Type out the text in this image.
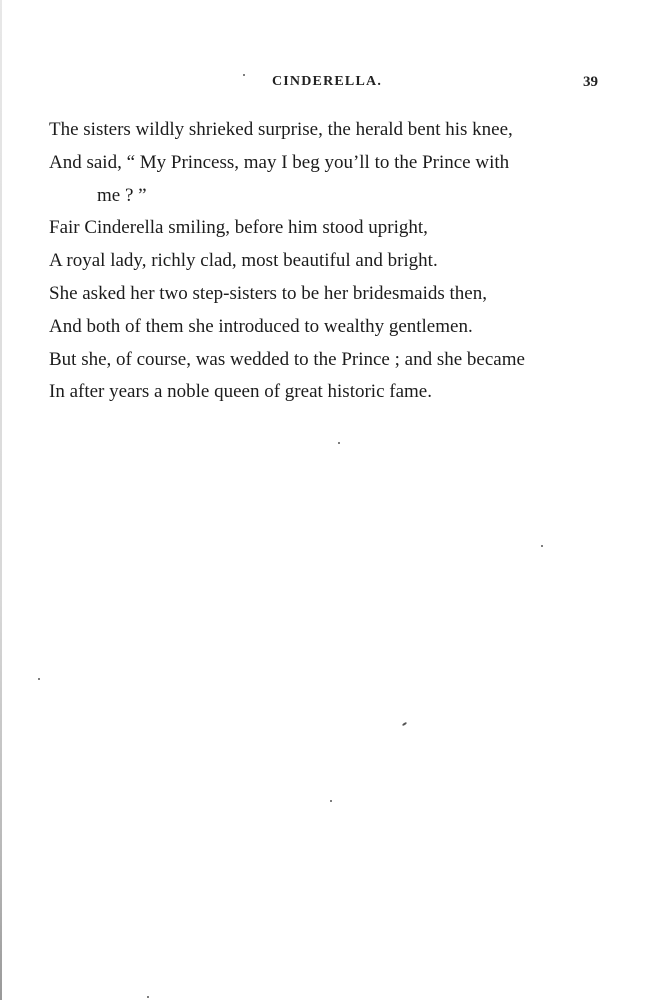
CINDERELLA.	39
The sisters wildly shrieked surprise, the herald bent his knee,
And said, “ My Princess, may I beg you’ll to the Prince with
me ? ”
Fair Cinderella smiling, before him stood upright,
A royal lady, richly clad, most beautiful and bright.
She asked her two step-sisters to be her bridesmaids then,
And both of them she introduced to wealthy gentlemen.
But she, of course, was wedded to the Prince ; and she became
In after years a noble queen of great historic fame.
